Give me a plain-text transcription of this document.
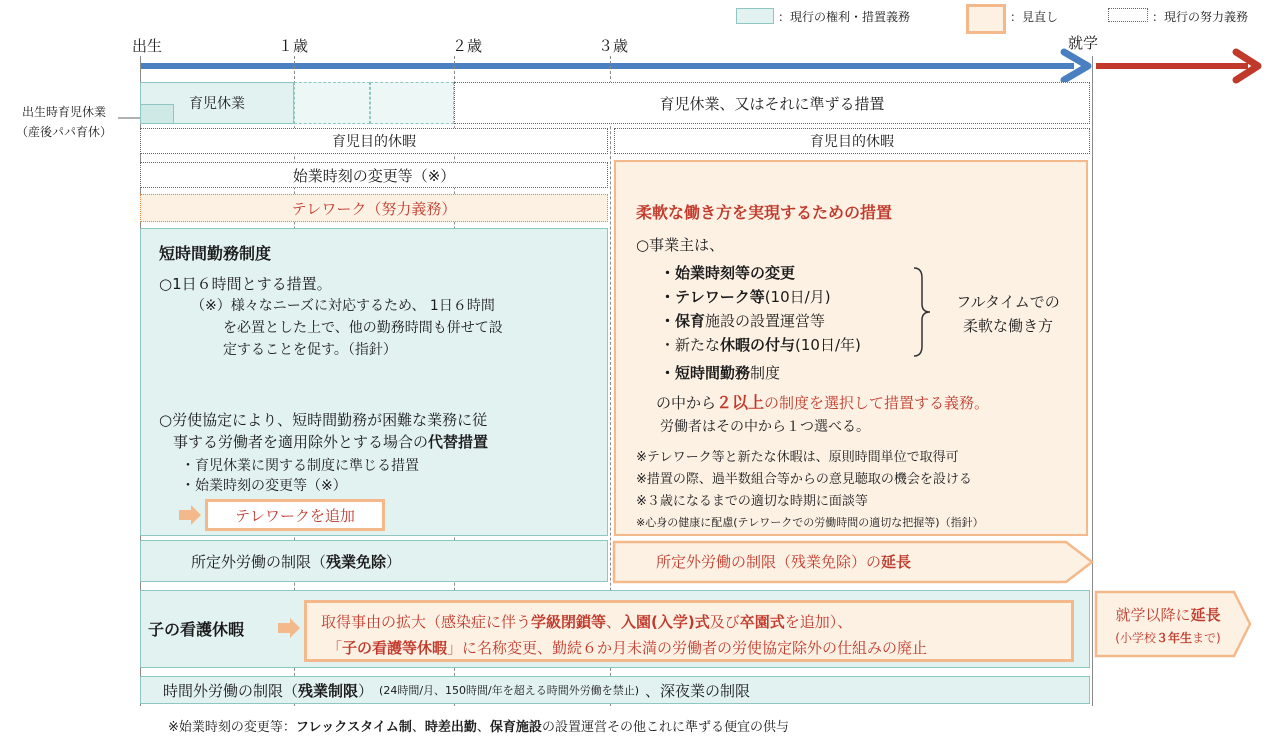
：現行の権利・措置義務	：見直し	：現行の努力義務
出生	１歳	２歳	３歳	就学
出生時育児休業
（産後パパ育休）
育児休業	育児休業、又はそれに準ずる措置
育児目的休暇	育児目的休暇
始業時刻の変更等（※）
テレワーク（努力義務）
短時間勤務制度
○1日６時間とする措置。
（※）様々なニーズに対応するため、 1日６時間
を必置とした上で、他の勤務時間も併せて設
定することを促す。（指針）
○労使協定により、短時間勤務が困難な業務に従
事する労働者を適用除外とする場合の代替措置
・育児休業に関する制度に準じる措置
・始業時刻の変更等（※）
テレワークを追加
柔軟な働き方を実現するための措置
○事業主は、
・始業時刻等の変更
・テレワーク等(10日/月)
・保育施設の設置運営等
・新たな休暇の付与(10日/年)
・短時間勤務制度
フルタイムでの
柔軟な働き方
の中から２以上の制度を選択して措置する義務。
労働者はその中から１つ選べる。
※テレワーク等と新たな休暇は、原則時間単位で取得可
※措置の際、過半数組合等からの意見聴取の機会を設ける
※３歳になるまでの適切な時期に面談等
※心身の健康に配慮(テレワークでの労働時間の適切な把握等)（指針）
所定外労働の制限（ 残業免除 ）	所定外労働の制限（残業免除）の延長
子の看護休暇	取得事由の拡大（感染症に伴う学級閉鎖等、入園(入学)式及び卒園式を追加）、
「子の看護等休暇」に名称変更、勤続６か月未満の労働者の労使協定除外の仕組みの廃止
就学以降に延長
(小学校３年生まで)
時間外労働の制限（ 残業制限 ） (24時間/月、150時間/年を超える時間外労働を禁止) 、深夜業の制限
※始業時刻の変更等：フレックスタイム制、時差出勤、保育施設の設置運営その他これに準ずる便宜の供与
